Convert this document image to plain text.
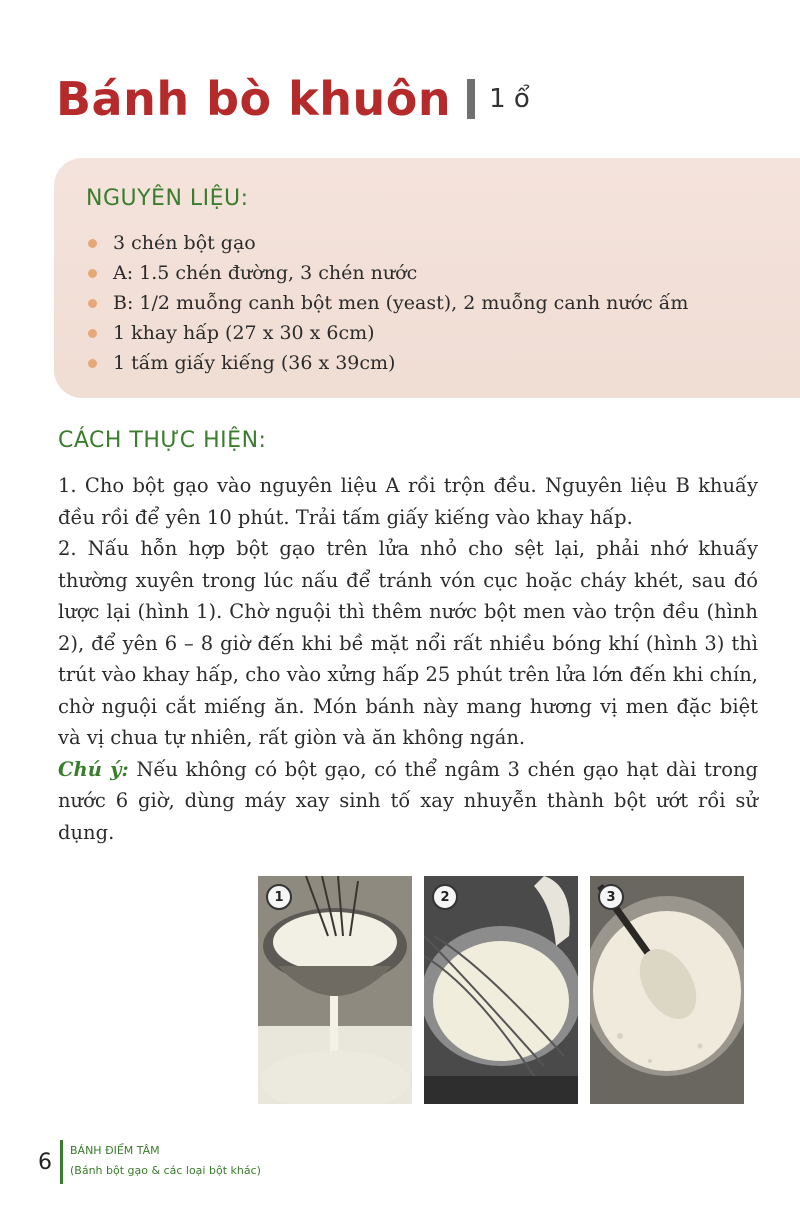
Bánh bò khuôn 1 ổ
NGUYÊN LIỆU:
3 chén bột gạo
A: 1.5 chén đường, 3 chén nước
B: 1/2 muỗng canh bột men (yeast), 2 muỗng canh nước ấm
1 khay hấp (27 x 30 x 6cm)
1 tấm giấy kiếng (36 x 39cm)
CÁCH THỰC HIỆN:

1. Cho bột gạo vào nguyên liệu A rồi trộn đều. Nguyên liệu B khuấy đều rồi để yên 10 phút. Trải tấm giấy kiếng vào khay hấp.

2. Nấu hỗn hợp bột gạo trên lửa nhỏ cho sệt lại, phải nhớ khuấy thường xuyên trong lúc nấu để tránh vón cục hoặc cháy khét, sau đó lược lại (hình 1). Chờ nguội thì thêm nước bột men vào trộn đều (hình 2), để yên 6 – 8 giờ đến khi bề mặt nổi rất nhiều bóng khí (hình 3) thì trút vào khay hấp, cho vào xửng hấp 25 phút trên lửa lớn đến khi chín, chờ nguội cắt miếng ăn. Món bánh này mang hương vị men đặc biệt và vị chua tự nhiên, rất giòn và ăn không ngán.

Chú ý: Nếu không có bột gạo, có thể ngâm 3 chén gạo hạt dài trong nước 6 giờ, dùng máy xay sinh tố xay nhuyễn thành bột ướt rồi sử dụng.

1	2	3
6 BÁNH ĐIỂM TÂM
(Bánh bột gạo & các loại bột khác)
